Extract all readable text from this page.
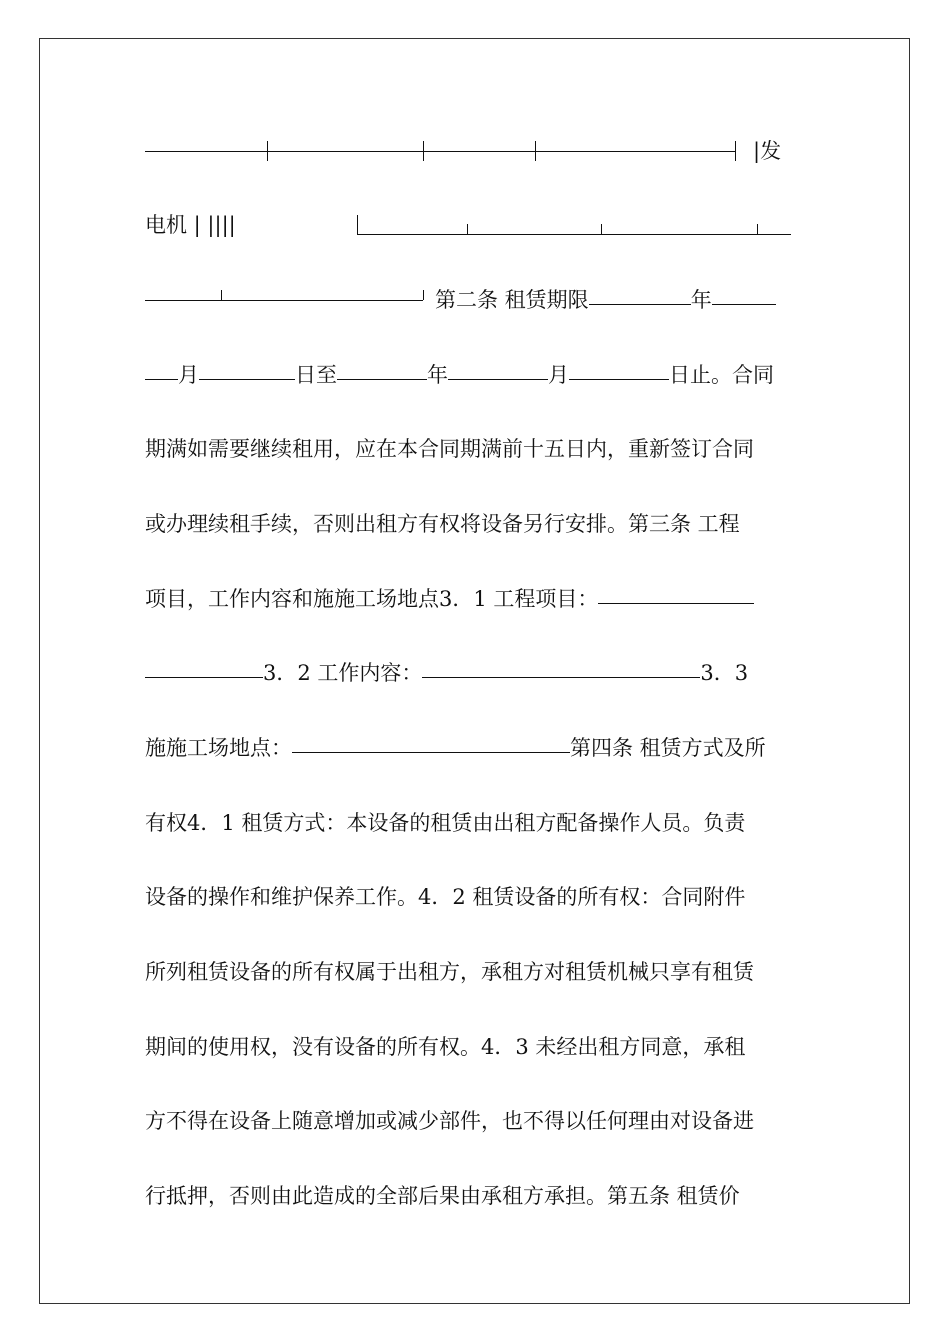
|发
电机 | ||||
第二条 租赁期限	年
月	日至	年	月	日止。合同
期满如需要继续租用，应在本合同期满前十五日内，重新签订合同
或办理续租手续，否则出租方有权将设备另行安排。第三条 工程
项目，工作内容和施施工场地点3．1 工程项目：
3．2 工作内容：	3．3
施施工场地点：	第四条 租赁方式及所
有权4．1 租赁方式：本设备的租赁由出租方配备操作人员。负责
设备的操作和维护保养工作。4．2 租赁设备的所有权：合同附件
所列租赁设备的所有权属于出租方，承租方对租赁机械只享有租赁
期间的使用权，没有设备的所有权。4．3 未经出租方同意，承租
方不得在设备上随意增加或减少部件，也不得以任何理由对设备进
行抵押，否则由此造成的全部后果由承租方承担。第五条 租赁价
